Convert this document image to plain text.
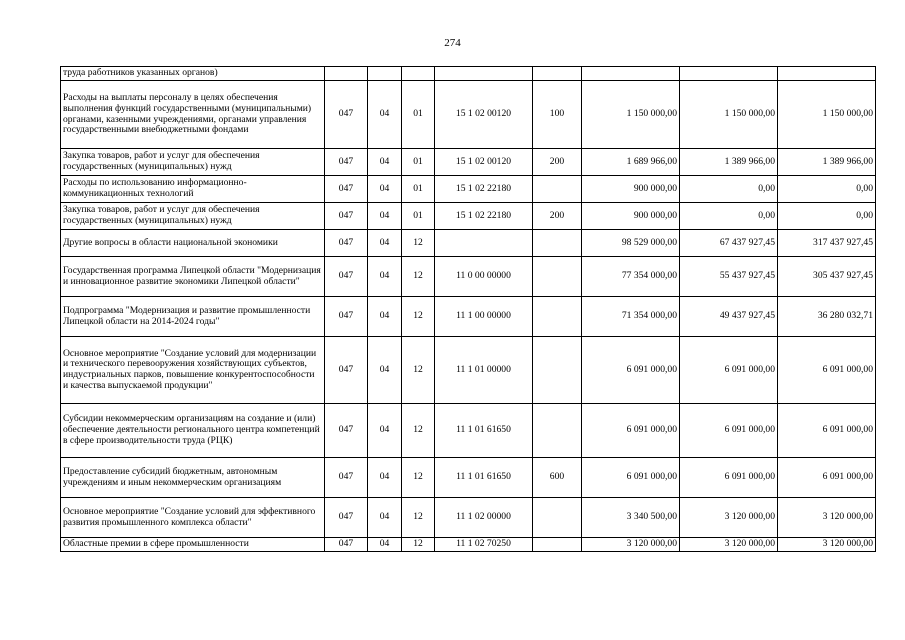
274
труда работников указанных органов)								
Расходы на выплаты персоналу в целях обеспечения выполнения функций государственными (муниципальными) органами, казенными учреждениями, органами управления государственными внебюджетными фондами	047	04	01	15 1 02 00120	100	1 150 000,00	1 150 000,00	1 150 000,00
Закупка товаров, работ и услуг для обеспечения государственных (муниципальных) нужд	047	04	01	15 1 02 00120	200	1 689 966,00	1 389 966,00	1 389 966,00
Расходы по использованию информационно-коммуникационных технологий	047	04	01	15 1 02 22180		900 000,00	0,00	0,00
Закупка товаров, работ и услуг для обеспечения государственных (муниципальных) нужд	047	04	01	15 1 02 22180	200	900 000,00	0,00	0,00
Другие вопросы в области национальной экономики	047	04	12			98 529 000,00	67 437 927,45	317 437 927,45
Государственная программа Липецкой области "Модернизация и инновационное развитие экономики Липецкой области"	047	04	12	11 0 00 00000		77 354 000,00	55 437 927,45	305 437 927,45
Подпрограмма "Модернизация и развитие промышленности Липецкой области на 2014-2024 годы"	047	04	12	11 1 00 00000		71 354 000,00	49 437 927,45	36 280 032,71
Основное мероприятие "Создание условий для модернизации и технического перевооружения хозяйствующих субъектов, индустриальных парков, повышение конкурентоспособности и качества выпускаемой продукции"	047	04	12	11 1 01 00000		6 091 000,00	6 091 000,00	6 091 000,00
Субсидии некоммерческим организациям на создание и (или) обеспечение деятельности регионального центра компетенций в сфере производительности труда (РЦК)	047	04	12	11 1 01 61650		6 091 000,00	6 091 000,00	6 091 000,00
Предоставление субсидий бюджетным, автономным учреждениям и иным некоммерческим организациям	047	04	12	11 1 01 61650	600	6 091 000,00	6 091 000,00	6 091 000,00
Основное мероприятие "Создание условий для эффективного развития промышленного комплекса области"	047	04	12	11 1 02 00000		3 340 500,00	3 120 000,00	3 120 000,00
Областные премии в сфере промышленности	047	04	12	11 1 02 70250		3 120 000,00	3 120 000,00	3 120 000,00
